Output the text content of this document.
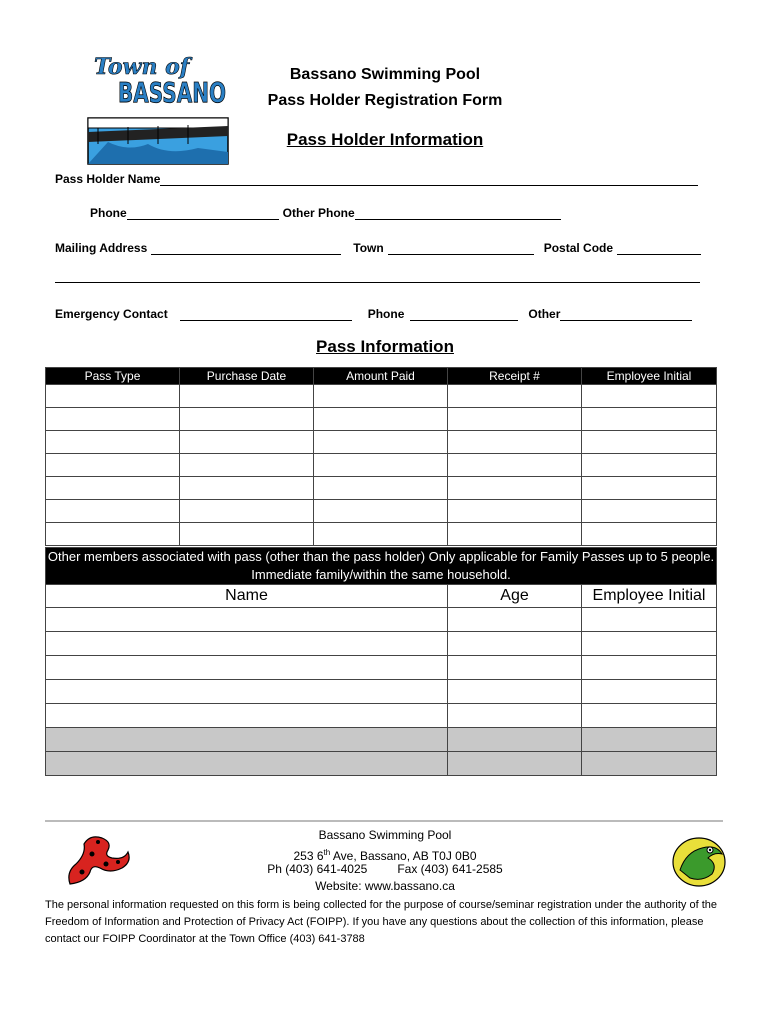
Town of
BASSANO
Bassano Swimming Pool
Pass Holder Registration Form
Pass Holder Information
Pass Holder Name
Phone	Other Phone
Mailing Address	Town	Postal Code
Emergency Contact	Phone	Other
Pass Information
Pass Type	Purchase Date	Amount Paid	Receipt #	Employee Initial

Other members associated with pass (other than the pass holder) Only applicable for Family Passes up to 5 people. Immediate family/within the same household.		
Name	Age	Employee Initial

Bassano Swimming Pool
253 6th Ave, Bassano, AB T0J 0B0
Ph (403) 641-4025	Fax (403) 641-2585
Website: www.bassano.ca
The personal information requested on this form is being collected for the purpose of course/seminar registration under the authority of the Freedom of Information and Protection of Privacy Act (FOIPP). If you have any questions about the collection of this information, please contact our FOIPP Coordinator at the Town Office (403) 641-3788
